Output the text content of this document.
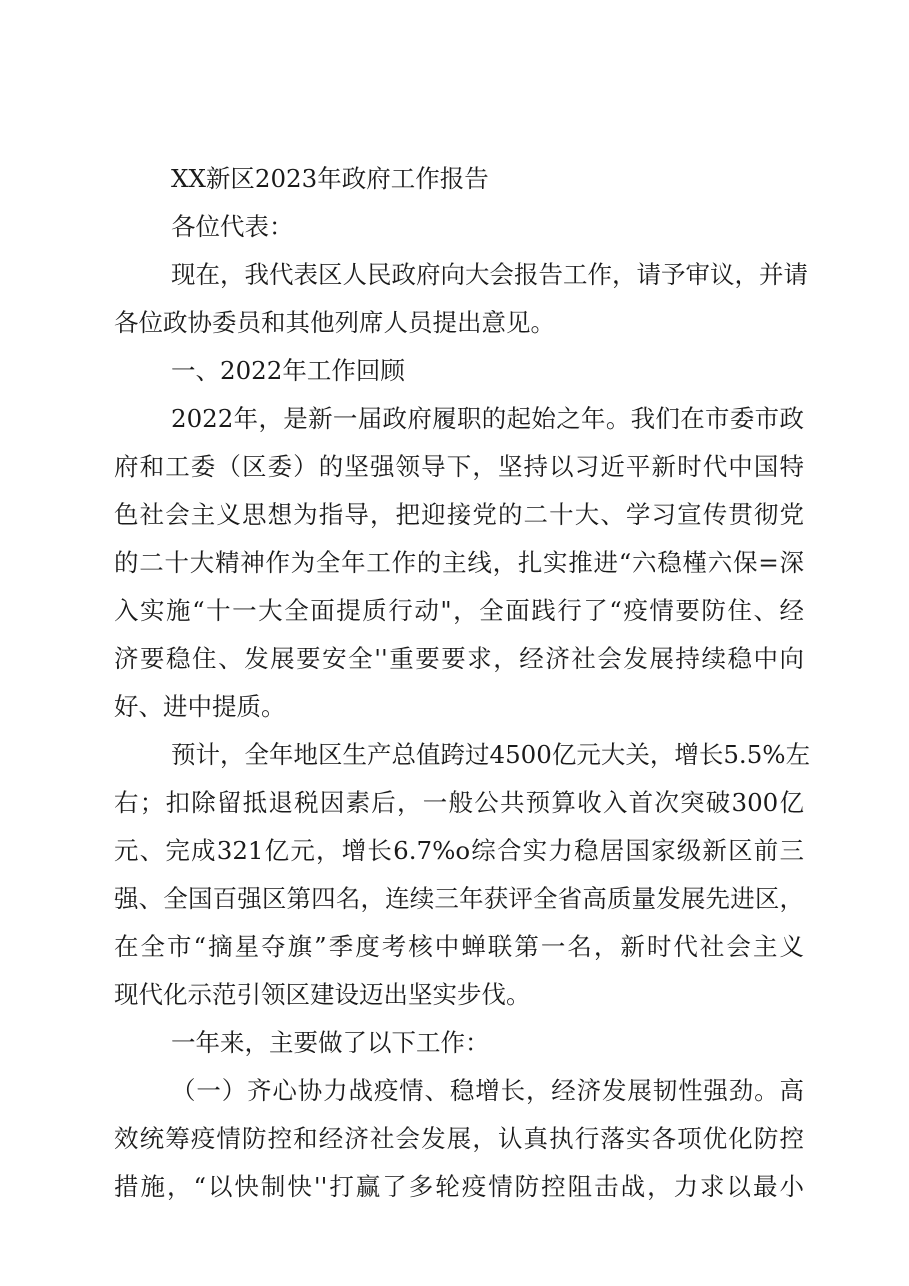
XX新区2023年政府工作报告
各位代表：
现在，我代表区人民政府向大会报告工作，请予审议，并请
各位政协委员和其他列席人员提出意见。
一、2022年工作回顾
2022年，是新一届政府履职的起始之年。我们在市委市政
府和工委（区委）的坚强领导下，坚持以习近平新时代中国特
色社会主义思想为指导，把迎接党的二十大、学习宣传贯彻党
的二十大精神作为全年工作的主线，扎实推进“六稳槿六保=深
入实施“十一大全面提质行动"，全面践行了“疫情要防住、经
济要稳住、发展要安全''重要要求，经济社会发展持续稳中向
好、进中提质。
预计，全年地区生产总值跨过4500亿元大关，增长5.5%左
右；扣除留抵退税因素后，一般公共预算收入首次突破300亿
元、完成321亿元，增长6.7%o综合实力稳居国家级新区前三
强、全国百强区第四名，连续三年获评全省高质量发展先进区，
在全市“摘星夺旗”季度考核中蝉联第一名，新时代社会主义
现代化示范引领区建设迈出坚实步伐。
一年来，主要做了以下工作：
（一）齐心协力战疫情、稳增长，经济发展韧性强劲。高
效统筹疫情防控和经济社会发展，认真执行落实各项优化防控
措施，“以快制快''打赢了多轮疫情防控阻击战，力求以最小
